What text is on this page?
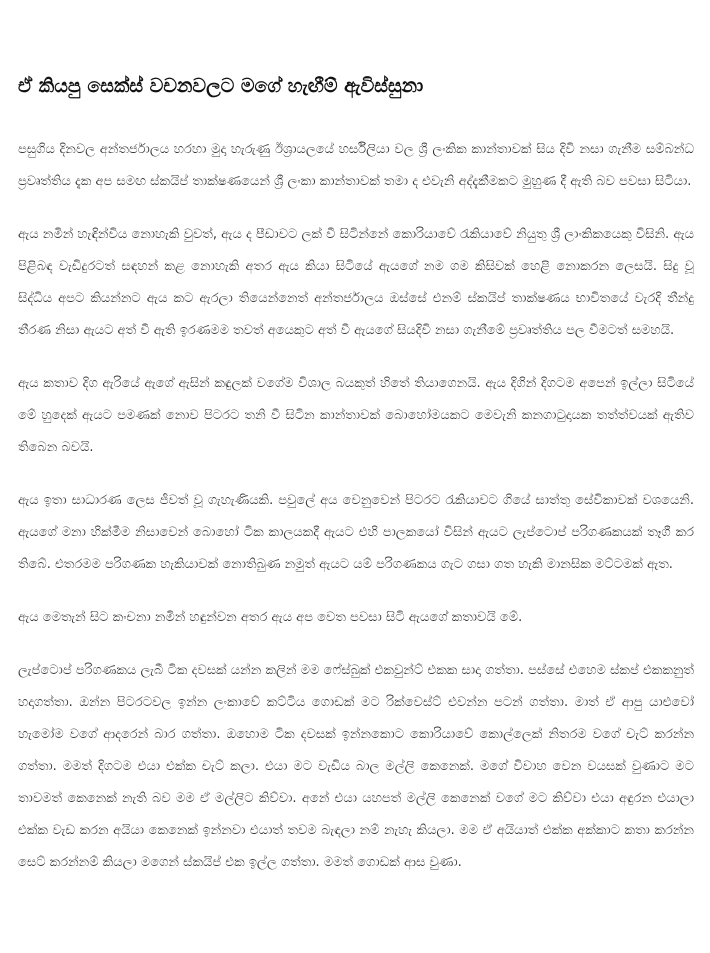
ඒ කියපු සෙක්ස් වචනවලට මගේ හැඟීම් ඇවිස්සුනා

පසුගිය දිනවල අන්තර්ජාලය හරහා මුදා හැරුණු ඊශ්‍රායලයේ හර්සිලියා වල ශ්‍රී ලංකික කාන්තාවක් සිය දිවි නසා ගැනීම සම්බන්ධ ප්‍රවෘත්තිය දැක අප සමඟ ස්කයිප් තාක්ෂණයෙන් ශ්‍රී ලංකා කාන්තාවක් තමා ද එවැනි අද්දැකීමකට මුහුණ දී ඇති බව පවසා සිටියා.

ඇය නමින් හැඳින්විය නොහැකි වුවත්, ඇය ද පීඩාවට ලක් වී සිටින්නේ කොරියාවේ රැකියාවේ නියුතු ශ්‍රී ලාංකිකයෙකු විසිනි. ඇය පිළිබඳ වැඩිදුරටත් සඳහන් කළ නොහැකි අතර ඇය කියා සිටියේ ඇයගේ නම ගම කිසිවක් හෙළි නොකරන ලෙසයි. සිදු වූ සිද්ධිය අපට කියන්නට ඇය කට ඇරලා තියෙන්නෙත් අන්තර්ජාලය ඔස්සේ එනම් ස්කයිප් තාක්ෂණය භාවිතයේ වැරදි තීන්දු තීරණ නිසා ඇයට අත් වී ඇති ඉරණමම තවත් අයෙකුට අත් වී ඇයගේ සියදිවි නසා ගැනීමේ ප්‍රවෘත්තිය පල වීමටත් සමහයි.

ඇය කතාව දිග ඇරියේ ඇගේ ඇසින් කඳුලක් වගේම විශාල බයකුත් හිතේ තියාගෙනයි. ඇය දිගින් දිගටම අපෙන් ඉල්ලා සිටියේ මේ හුදෙක් ඇයට පමණක් නොව පිටරට තනි වී සිටින කාන්තාවක් බොහෝමයකට මෙවැනි කනගාටුදායක තත්ත්වයක් ඇතිව තිබෙන බවයි.

ඇය ඉතා සාධාරණ ලෙස ජීවත් වූ ගැහැණියකි. පවුලේ අය වෙනුවෙන් පිටරට රැකියාවට ගියේ සාත්තු සේවිකාවක් වශයෙනි. ඇයගේ මනා හික්මීම නිසාවෙන් බොහෝ ටික කාලයකදී ඇයට එහි පාලකයෝ විසින් ඇයට ලැප්ටොප් පරිගණකයක් තෑගී කර තිබේ. එතරමම පරිගණක හැකියාවක් නොතිබුණ නමුත් ඇයට යම් පරිගණකය ගැට ගසා ගත හැකි මානසික මට්ටමක් ඇත.

ඇය මෙතැන් සිට කංචනා නමින් හඳුන්වන අතර ඇය අප වෙත පවසා සිටි ඇයගේ කතාවයි මේ.

ලැප්ටොප් පරිගණකය ලැබී ටික දවසක් යන්න කලින් මම ෆේස්බුක් එකවුන්ට් එකක සාදා ගත්තා. පස්සේ එහෙම ස්කප් එකකනුත් හදාගත්තා. ඔන්න පිටරටවල ඉන්න ලංකාවේ කට්ටිය ගොඩක් මට රික්වෙස්ට් එවන්න පටන් ගත්තා. මාත් ඒ ආපු යාළුවෝ හැමෝම වගේ ආදරෙන් බාර ගත්තා. ඔහොම ටික දවසක් ඉන්නකොට කොරියාවේ කොල්ලෙක් නිතරම වගේ චැට් කරන්න ගත්තා. මමත් දිගටම එයා එක්ක චැට් කලා. එයා මට වැඩිය බාල මල්ලි කෙනෙක්. මගේ විවාහ වෙන වයසක් වුණාට මට තාවමත් කෙනෙක් නැති බව මම ඒ මල්ලිට කිව්වා. අනේ එයා යහපත් මල්ලි කෙනෙක් වගේ මට කිව්වා එයා අඳුරන එයාලා එක්ක වැඩ කරන අයියා කෙනෙක් ඉන්නවා එයාත් තවම බැඳලා නම් නැහැ කියලා. මම ඒ අයියාත් එක්ක අක්කාට කතා කරන්න සෙට් කරන්නම් කියලා මගෙන් ස්කයිප් එක ඉල්ල ගත්තා. මමත් ගොඩක් ආස වුණා.
